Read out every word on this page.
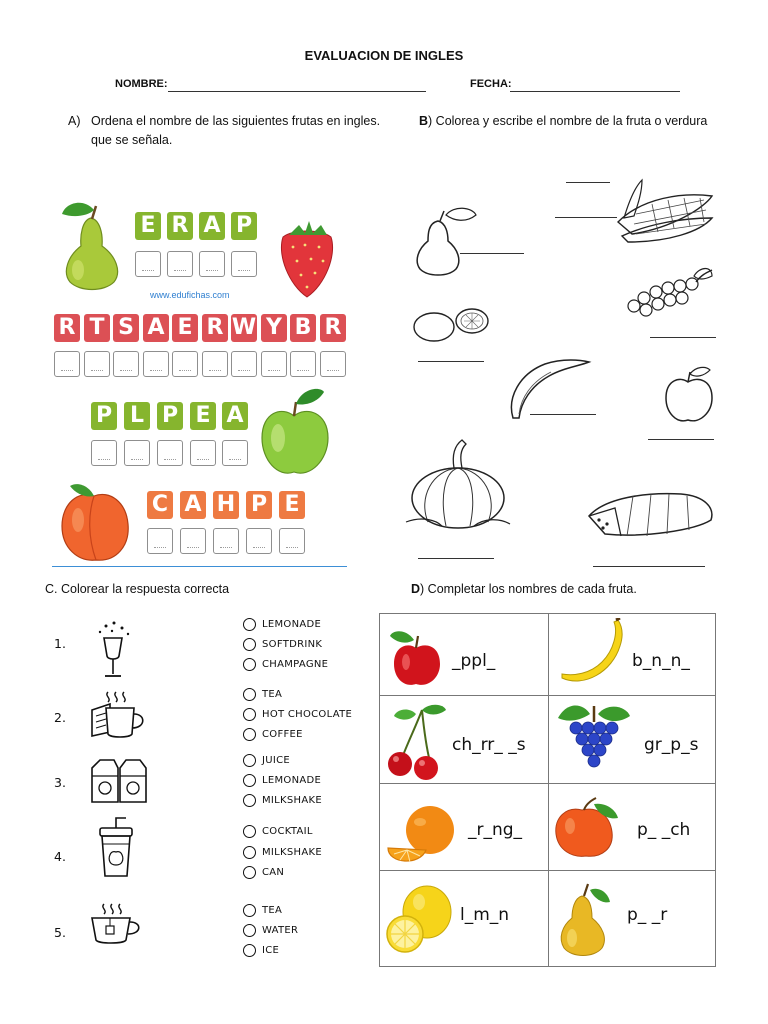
EVALUACION DE INGLES
NOMBRE:	FECHA:
A) Ordena el nombre de las siguientes frutas en ingles.
que se señala.
E R A P
www.edufichas.com
R T S A E R W Y B R
P L P E A
C A H P E
B) Colorea y escribe el nombre de la fruta o verdura
C. Colorear la respuesta correcta
1.
LEMONADE
SOFTDRINK
CHAMPAGNE
2.
TEA
HOT CHOCOLATE
COFFEE
3.
JUICE
LEMONADE
MILKSHAKE
4.
COCKTAIL
MILKSHAKE
CAN
5.
TEA
WATER
ICE
D) Completar los nombres de cada fruta.
_ppl_	b_n_n_
ch_rr_ _s	gr_p_s
_r_ng_	p_ _ch
l_m_n	p_ _r
